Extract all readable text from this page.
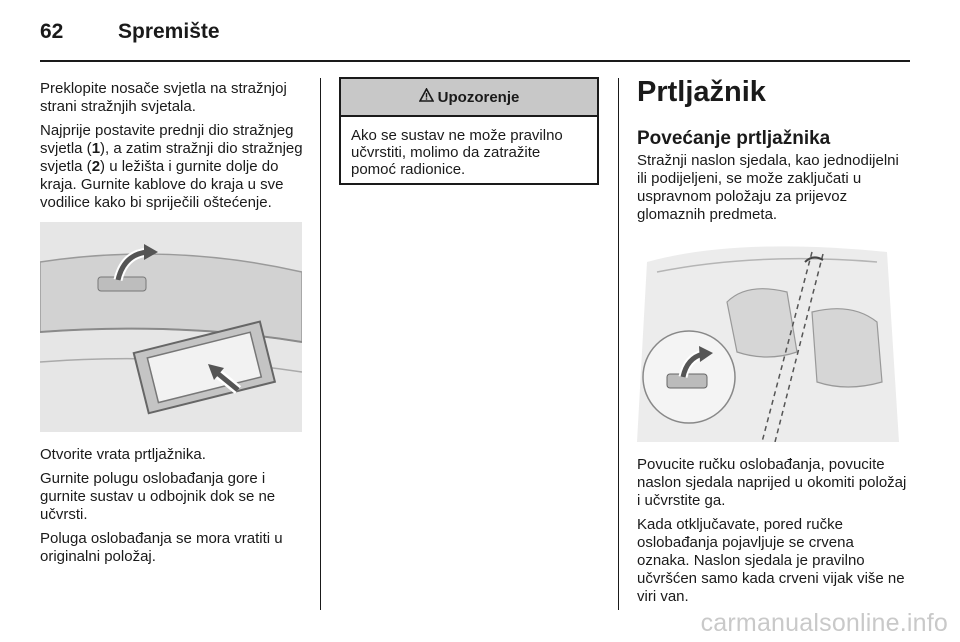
62	Spremište

Preklopite nosače svjetla na stražnjoj strani stražnjih svjetala.

Najprije postavite prednji dio stražnjeg svjetla (1), a zatim stražnji dio stražnjeg svjetla (2) u ležišta i gurnite dolje do kraja. Gurnite kablove do kraja u sve vodilice kako bi spriječili oštećenje.

Otvorite vrata prtljažnika.

Gurnite polugu oslobađanja gore i gurnite sustav u odbojnik dok se ne učvrsti.

Poluga oslobađanja se mora vratiti u originalni položaj.

Upozorenje
Ako se sustav ne može pravilno učvrstiti, molimo da zatražite pomoć radionice.
Prtljažnik
Povećanje prtljažnika

Stražnji naslon sjedala, kao jednodijelni ili podijeljeni, se može zaključati u uspravnom položaju za prijevoz glomaznih predmeta.

Povucite ručku oslobađanja, povucite naslon sjedala naprijed u okomiti položaj i učvrstite ga.

Kada otključavate, pored ručke oslobađanja pojavljuje se crvena oznaka. Naslon sjedala je pravilno učvršćen samo kada crveni vijak više ne viri van.

carmanualsonline.info
